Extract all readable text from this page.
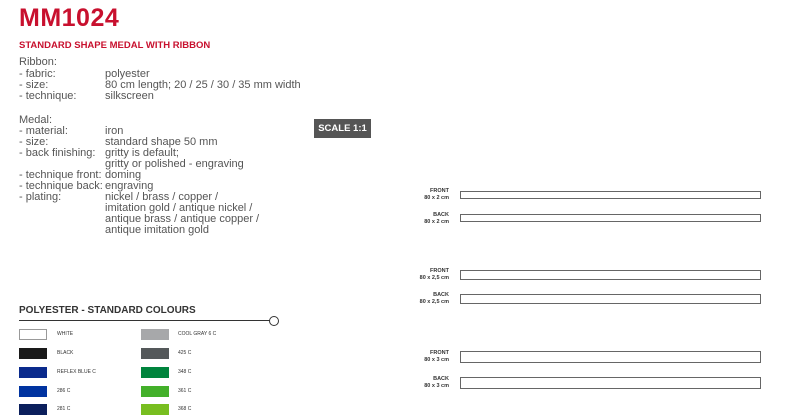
MM1024
STANDARD SHAPE MEDAL WITH RIBBON
Ribbon:
- fabric:	polyester
- size:	80 cm length; 20 / 25 / 30 / 35 mm width
- technique:	silkscreen
Medal:
- material:	iron
- size:	standard shape 50 mm
- back finishing: gritty is default;
gritty or polished - engraving
- technique front: doming
- technique back: engraving
- plating:	nickel / brass / copper /
imitation gold / antique nickel /
antique brass / antique copper /
antique imitation gold
SCALE 1:1
FRONT
80 x 2 cm
BACK
80 x 2 cm
FRONT
80 x 2,5 cm
BACK
80 x 2,5 cm
FRONT
80 x 3 cm
BACK
80 x 3 cm
POLYESTER - STANDARD COLOURS
WHITE
BLACK
REFLEX BLUE C
286 C
281 C
COOL GRAY 6 C
425 C
348 C
361 C
368 C
